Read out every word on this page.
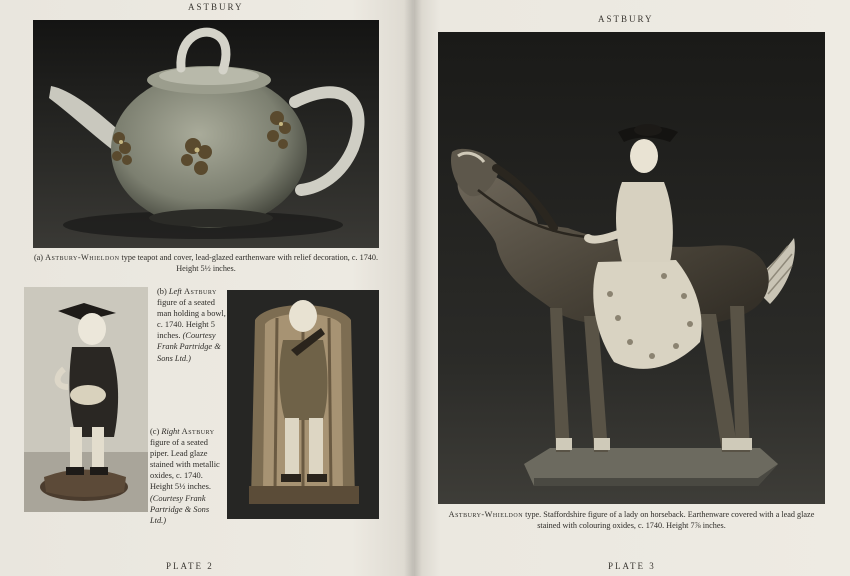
ASTBURY
(a) Astbury-Whieldon type teapot and cover, lead-glazed earthenware with relief decoration, c. 1740. Height 5½ inches.
(b) Left Astbury figure of a seated man holding a bowl, c. 1740. Height 5 inches. (Courtesy Frank Partridge & Sons Ltd.)
(c) Right Astbury figure of a seated piper. Lead glaze stained with metallic oxides, c. 1740. Height 5½ inches. (Courtesy Frank Partridge & Sons Ltd.)
PLATE 2
ASTBURY
Astbury-Whieldon type. Staffordshire figure of a lady on horseback. Earthenware covered with a lead glaze stained with colouring oxides, c. 1740. Height 7⅞ inches.
PLATE 3
